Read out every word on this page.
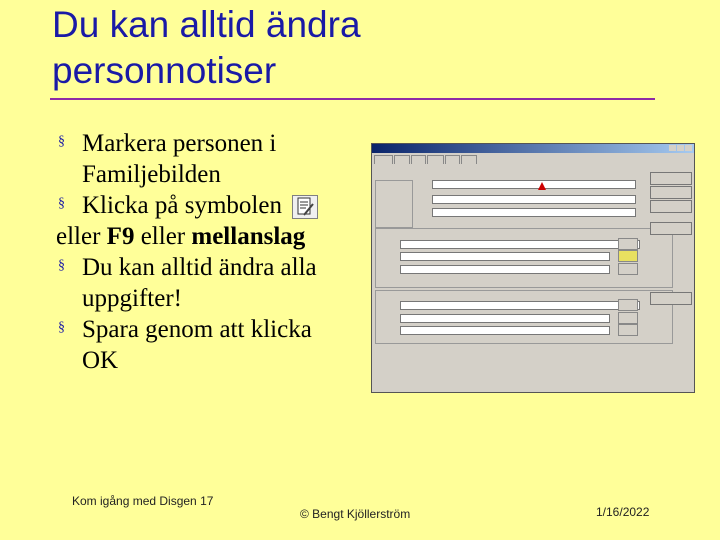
Du kan alltid ändra
personnotiser
§ Markera personen i
Familjebilden
§ Klicka på symbolen
eller F9 eller mellanslag
§ Du kan alltid ändra alla
uppgifter!
§ Spara genom att klicka
OK

Kom igång med Disgen 17
© Bengt Kjöllerström	1/16/2022
